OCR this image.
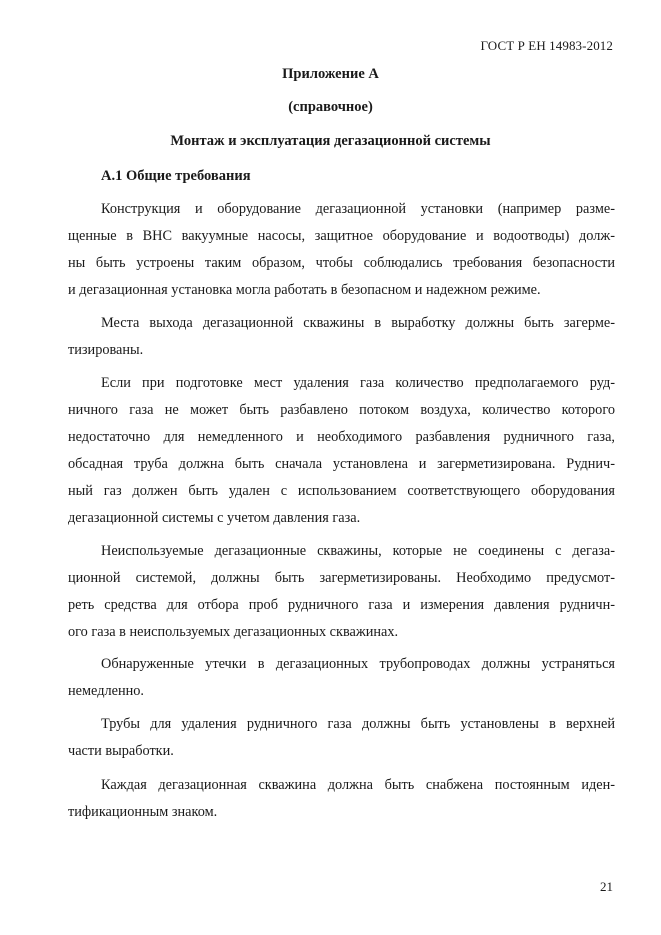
ГОСТ Р ЕН 14983-2012
Приложение А
(справочное)
Монтаж и эксплуатация дегазационной системы
А.1 Общие требования
Конструкция и оборудование дегазационной установки (например разме-
щенные в ВНС вакуумные насосы, защитное оборудование и водоотводы) долж-
ны быть устроены таким образом, чтобы соблюдались требования безопасности
и дегазационная установка могла работать в безопасном и надежном режиме.
Места выхода дегазационной скважины в выработку должны быть загерме-
тизированы.
Если при подготовке мест удаления газа количество предполагаемого руд-
ничного газа не может быть разбавлено потоком воздуха, количество которого
недостаточно для немедленного и необходимого разбавления рудничного газа,
обсадная труба должна быть сначала установлена и загерметизирована. Руднич-
ный газ должен быть удален с использованием соответствующего оборудования
дегазационной системы с учетом давления газа.
Неиспользуемые дегазационные скважины, которые не соединены с дегаза-
ционной системой, должны быть загерметизированы. Необходимо предусмот-
реть средства для отбора проб рудничного газа и измерения давления рудничн-
ого газа в неиспользуемых дегазационных скважинах.
Обнаруженные утечки в дегазационных трубопроводах должны устраняться
немедленно.
Трубы для удаления рудничного газа должны быть установлены в верхней
части выработки.
Каждая дегазационная скважина должна быть снабжена постоянным иден-
тификационным знаком.
21
